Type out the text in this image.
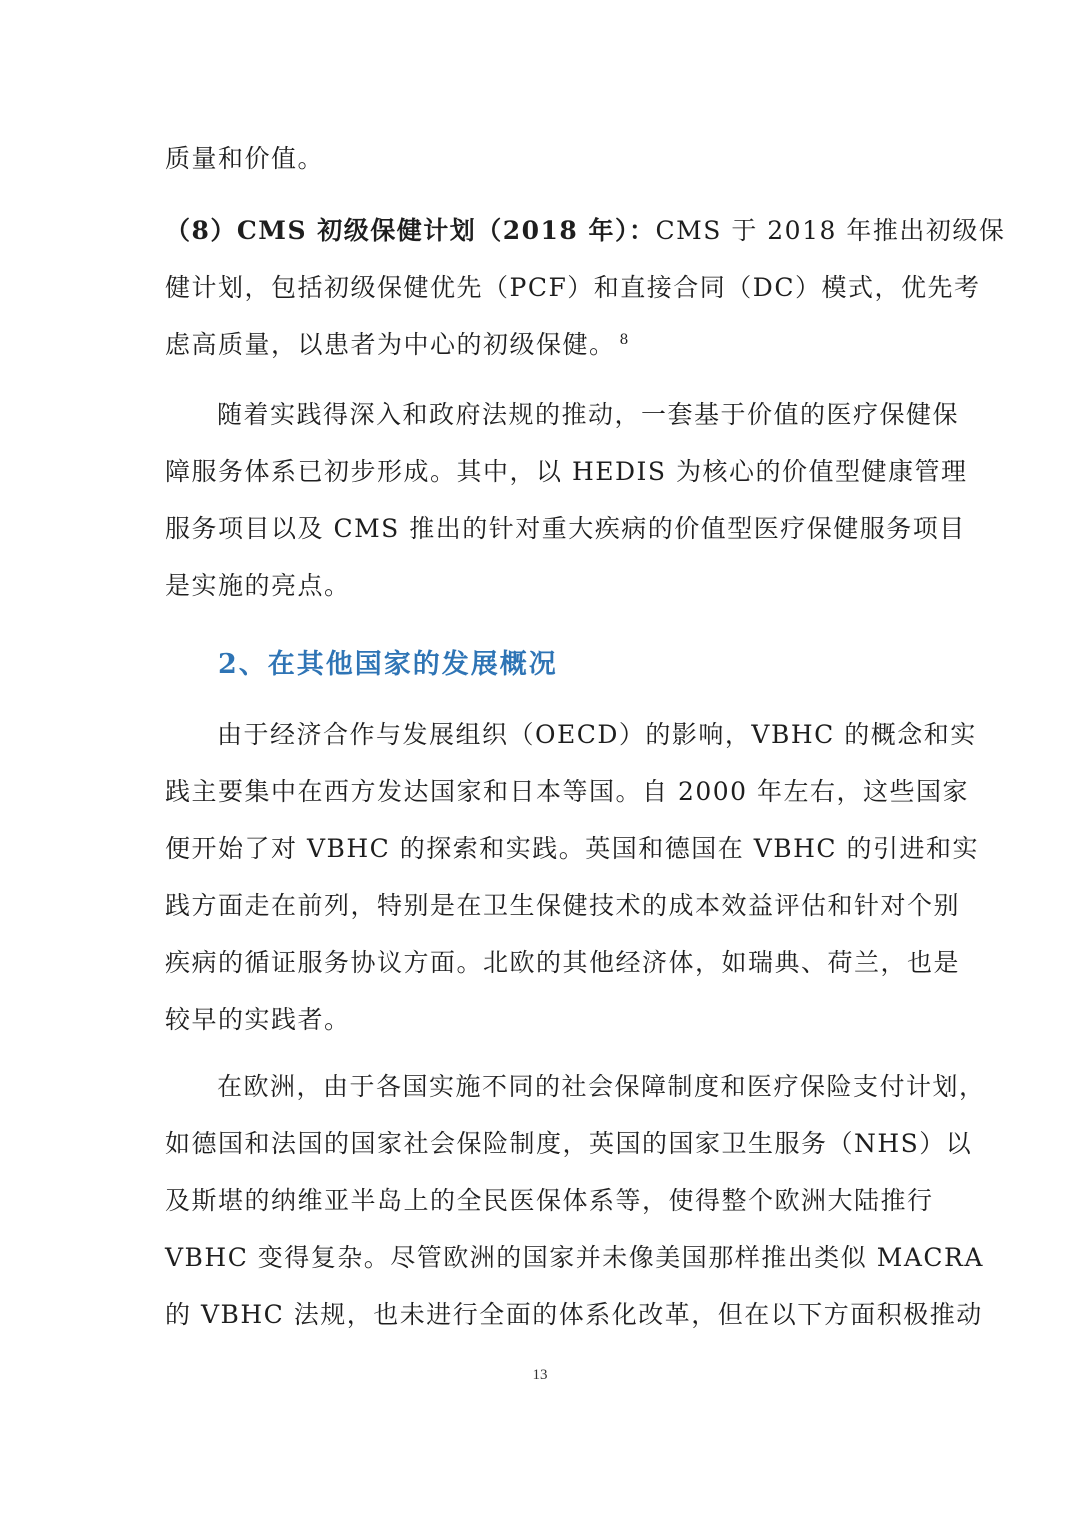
质量和价值。
（8）CMS 初级保健计划（2018 年）：CMS 于 2018 年推出初级保
健计划，包括初级保健优先（PCF）和直接合同（DC）模式，优先考
虑高质量，以患者为中心的初级保健。 $^8$
随着实践得深入和政府法规的推动，一套基于价值的医疗保健保
障服务体系已初步形成。其中，以 HEDIS 为核心的价值型健康管理
服务项目以及 CMS 推出的针对重大疾病的价值型医疗保健服务项目
是实施的亮点。
2、在其他国家的发展概况
由于经济合作与发展组织（OECD）的影响，VBHC 的概念和实
践主要集中在西方发达国家和日本等国。自 2000 年左右，这些国家
便开始了对 VBHC 的探索和实践。英国和德国在 VBHC 的引进和实
践方面走在前列，特别是在卫生保健技术的成本效益评估和针对个别
疾病的循证服务协议方面。北欧的其他经济体，如瑞典、荷兰，也是
较早的实践者。
在欧洲，由于各国实施不同的社会保障制度和医疗保险支付计划，
如德国和法国的国家社会保险制度，英国的国家卫生服务（NHS）以
及斯堪的纳维亚半岛上的全民医保体系等，使得整个欧洲大陆推行
VBHC 变得复杂。尽管欧洲的国家并未像美国那样推出类似 MACRA
的 VBHC 法规，也未进行全面的体系化改革，但在以下方面积极推动
13
